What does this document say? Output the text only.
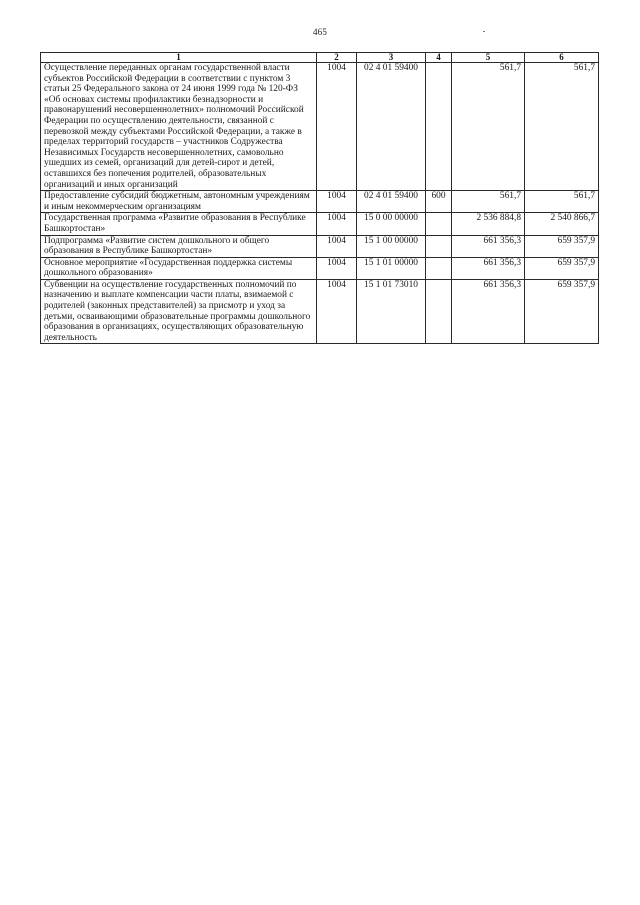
465
1	2	3	4	5	6
Осуществление переданных органам государственной власти субъектов Российской Федерации в соответствии с пунктом 3 статьи 25 Федерального закона от 24 июня 1999 года № 120-ФЗ «Об основах системы профилактики безнадзорности и правонарушений несовершеннолетних» полномочий Российской Федерации по осуществлению деятельности, связанной с перевозкой между субъектами Российской Федерации, а также в пределах территорий государств – участников Содружества Независимых Государств несовершеннолетних, самовольно ушедших из семей, организаций для детей-сирот и детей, оставшихся без попечения родителей, образовательных организаций и иных организаций	1004	02 4 01 59400		561,7	561,7
Предоставление субсидий бюджетным, автономным учреждениям и иным некоммерческим организациям	1004	02 4 01 59400	600	561,7	561,7
Государственная программа «Развитие образования в Республике Башкортостан»	1004	15 0 00 00000		2 536 884,8	2 540 866,7
Подпрограмма «Развитие систем дошкольного и общего образования в Республике Башкортостан»	1004	15 1 00 00000		661 356,3	659 357,9
Основное мероприятие «Государственная поддержка системы дошкольного образования»	1004	15 1 01 00000		661 356,3	659 357,9
Субвенции на осуществление государственных полномочий по назначению и выплате компенсации части платы, взимаемой с родителей (законных представителей) за присмотр и уход за детьми, осваивающими образовательные программы дошкольного образования в организациях, осуществляющих образовательную деятельность	1004	15 1 01 73010		661 356,3	659 357,9
